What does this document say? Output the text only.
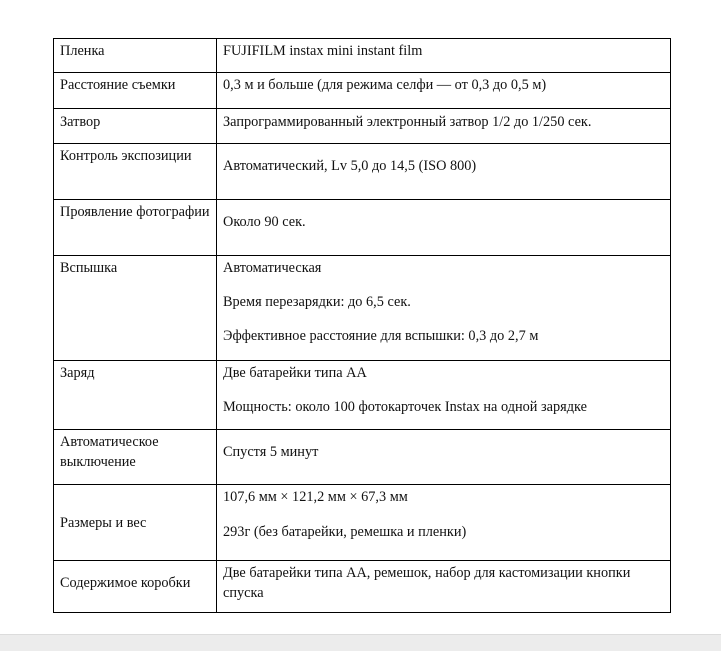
Пленка	FUJIFILM instax mini instant film
Расстояние съемки	0,3 м и больше (для режима селфи — от 0,3 до 0,5 м)
Затвор	Запрограммированный электронный затвор 1/2 до 1/250 сек.
Контроль экспозиции	Автоматический, Lv 5,0 до 14,5 (ISO 800)
Проявление фотографии	Около 90 сек.
Вспышка	Автоматическая
Время перезарядки: до 6,5 сек.
Эффективное расстояние для вспышки: 0,3 до 2,7 м

Заряд	Две батарейки типа АА
Мощность: около 100 фотокарточек Instax на одной зарядке

Автоматическое выключение	Спустя 5 минут
Размеры и вес	107,6 мм × 121,2 мм × 67,3 мм
293г (без батарейки, ремешка и пленки)

Содержимое коробки	Две батарейки типа АА, ремешок, набор для кастомизации кнопки спуска
